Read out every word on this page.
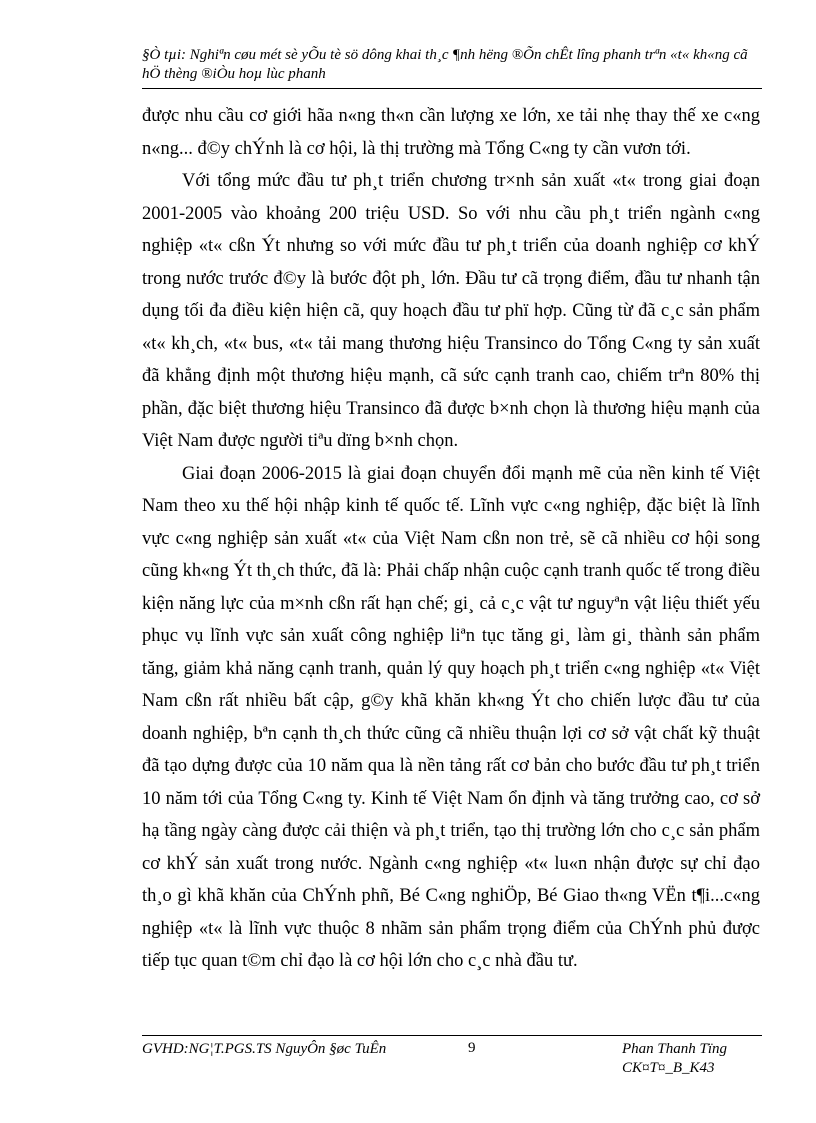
§Ò tµi: Nghiªn cøu mét sè yÕu tè sö dông khai th¸c ¶nh hëng ®Õn chÊt lîng phanh trªn «t« kh«ng cã hÖ thèng ®iÒu hoµ lùc phanh

được nhu cầu cơ giới hãa n«ng th«n cần lượng xe lớn, xe tải nhẹ thay thế xe c«ng n«ng... đ©y chÝnh là cơ hội, là thị trường mà Tổng C«ng ty cần vươn tới.

Với tổng mức đầu tư ph¸t triển chương tr×nh sản xuất «t« trong giai đoạn 2001-2005 vào khoảng 200 triệu USD. So với nhu cầu ph¸t triển ngành c«ng nghiệp «t« cßn Ýt nhưng so với mức đầu tư ph¸t triển của doanh nghiệp cơ khÝ trong nước trước đ©y là bước đột ph¸ lớn. Đầu tư cã trọng điểm, đầu tư nhanh tận dụng tối đa điều kiện hiện cã, quy hoạch đầu tư phï hợp. Cũng từ đã c¸c sản phẩm «t« kh¸ch, «t« bus, «t« tải mang thương hiệu Transinco do Tổng C«ng ty sản xuất đã khẳng định một thương hiệu mạnh, cã sức cạnh tranh cao, chiếm trªn 80% thị phần, đặc biệt thương hiệu Transinco đã được b×nh chọn là thương hiệu mạnh của Việt Nam được người tiªu dïng b×nh chọn.

Giai đoạn 2006-2015 là giai đoạn chuyển đổi mạnh mẽ của nền kinh tế Việt Nam theo xu thế hội nhập kinh tế quốc tế. Lĩnh vực c«ng nghiệp, đặc biệt là lĩnh vực c«ng nghiệp sản xuất «t« của Việt Nam cßn non trẻ, sẽ cã nhiều cơ hội song cũng kh«ng Ýt th¸ch thức, đã là: Phải chấp nhận cuộc cạnh tranh quốc tế trong điều kiện năng lực của m×nh cßn rất hạn chế; gi¸ cả c¸c vật tư nguyªn vật liệu thiết yếu phục vụ lĩnh vực sản xuất công nghiệp liªn tục tăng gi¸ làm gi¸ thành sản phẩm tăng, giảm khả năng cạnh tranh, quản lý quy hoạch ph¸t triển c«ng nghiệp «t« Việt Nam cßn rất nhiều bất cập, g©y khã khăn kh«ng Ýt cho chiến lược đầu tư của doanh nghiệp, bªn cạnh th¸ch thức cũng cã nhiều thuận lợi cơ sở vật chất kỹ thuật đã tạo dựng được của 10 năm qua là nền tảng rất cơ bản cho bước đầu tư ph¸t triển 10 năm tới của Tổng C«ng ty. Kinh tế Việt Nam ổn định và tăng trưởng cao, cơ sở hạ tầng ngày càng được cải thiện và ph¸t triển, tạo thị trường lớn cho c¸c sản phẩm cơ khÝ sản xuất trong nước. Ngành c«ng nghiệp «t« lu«n nhận được sự chỉ đạo th¸o gì khã khăn của ChÝnh phñ, Bé C«ng nghiÖp, Bé Giao th«ng VËn t¶i...c«ng nghiệp «t« là lĩnh vực thuộc 8 nhãm sản phẩm trọng điểm của ChÝnh phủ được tiếp tục quan t©m chỉ đạo là cơ hội lớn cho c¸c nhà đầu tư.

GVHD:NG¦T.PGS.TS NguyÔn §øc TuÊn	9	Phan Thanh Tïng
CK¤T¤_B_K43
